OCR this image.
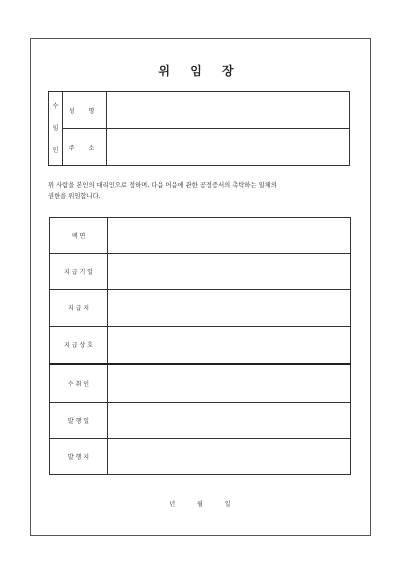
위 임 장
수
임
인	성 명	
	주 소	
위 사람을 본인의 대리인으로 정하며, 다음 어음에 관한 공정증서의 촉탁하는 일체의
권한을 위임합니다.
액 면	
지 급 기 일	
지 급 지	
지 급 상 호	
수 취 인	
발 행 일	
발 행 지	
년 월 일
